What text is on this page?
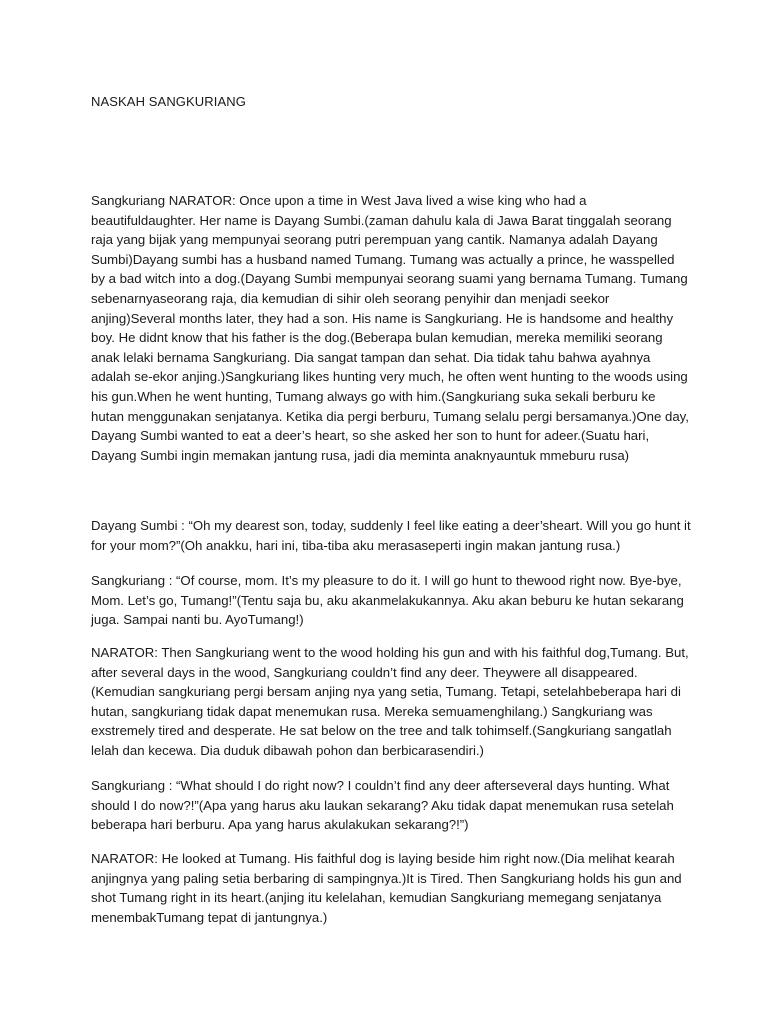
NASKAH SANGKURIANG

Sangkuriang NARATOR: Once upon a time in West Java lived a wise king who had a beautifuldaughter. Her name is Dayang Sumbi.(zaman dahulu kala di Jawa Barat tinggalah seorang raja yang bijak yang mempunyai seorang putri perempuan yang cantik. Namanya adalah Dayang Sumbi)Dayang sumbi has a husband named Tumang. Tumang was actually a prince, he wasspelled by a bad witch into a dog.(Dayang Sumbi mempunyai seorang suami yang bernama Tumang. Tumang sebenarnyaseorang raja, dia kemudian di sihir oleh seorang penyihir dan menjadi seekor anjing)Several months later, they had a son. His name is Sangkuriang. He is handsome and healthy boy. He didnt know that his father is the dog.(Beberapa bulan kemudian, mereka memiliki seorang anak lelaki bernama Sangkuriang. Dia sangat tampan dan sehat. Dia tidak tahu bahwa ayahnya adalah se-ekor anjing.)Sangkuriang likes hunting very much, he often went hunting to the woods using his gun.When he went hunting, Tumang always go with him.(Sangkuriang suka sekali berburu ke hutan menggunakan senjatanya. Ketika dia pergi berburu, Tumang selalu pergi bersamanya.)One day, Dayang Sumbi wanted to eat a deer’s heart, so she asked her son to hunt for adeer.(Suatu hari, Dayang Sumbi ingin memakan jantung rusa, jadi dia meminta anaknyauntuk mmeburu rusa)

Dayang Sumbi : “Oh my dearest son, today, suddenly I feel like eating a deer’sheart. Will you go hunt it for your mom?”(Oh anakku, hari ini, tiba-tiba aku merasaseperti ingin makan jantung rusa.)

Sangkuriang : “Of course, mom. It’s my pleasure to do it. I will go hunt to thewood right now. Bye-bye, Mom. Let’s go, Tumang!”(Tentu saja bu, aku akanmelakukannya. Aku akan beburu ke hutan sekarang juga. Sampai nanti bu. AyoTumang!)

NARATOR: Then Sangkuriang went to the wood holding his gun and with his faithful dog,Tumang. But, after several days in the wood, Sangkuriang couldn’t find any deer. Theywere all disappeared.(Kemudian sangkuriang pergi bersam anjing nya yang setia, Tumang. Tetapi, setelahbeberapa hari di hutan, sangkuriang tidak dapat menemukan rusa. Mereka semuamenghilang.) Sangkuriang was exstremely tired and desperate. He sat below on the tree and talk tohimself.(Sangkuriang sangatlah lelah dan kecewa. Dia duduk dibawah pohon dan berbicarasendiri.)

Sangkuriang : “What should I do right now? I couldn’t find any deer afterseveral days hunting. What should I do now?!”(Apa yang harus aku laukan sekarang? Aku tidak dapat menemukan rusa setelah beberapa hari berburu. Apa yang harus akulakukan sekarang?!”)

NARATOR: He looked at Tumang. His faithful dog is laying beside him right now.(Dia melihat kearah anjingnya yang paling setia berbaring di sampingnya.)It is Tired. Then Sangkuriang holds his gun and shot Tumang right in its heart.(anjing itu kelelahan, kemudian Sangkuriang memegang senjatanya menembakTumang tepat di jantungnya.)
